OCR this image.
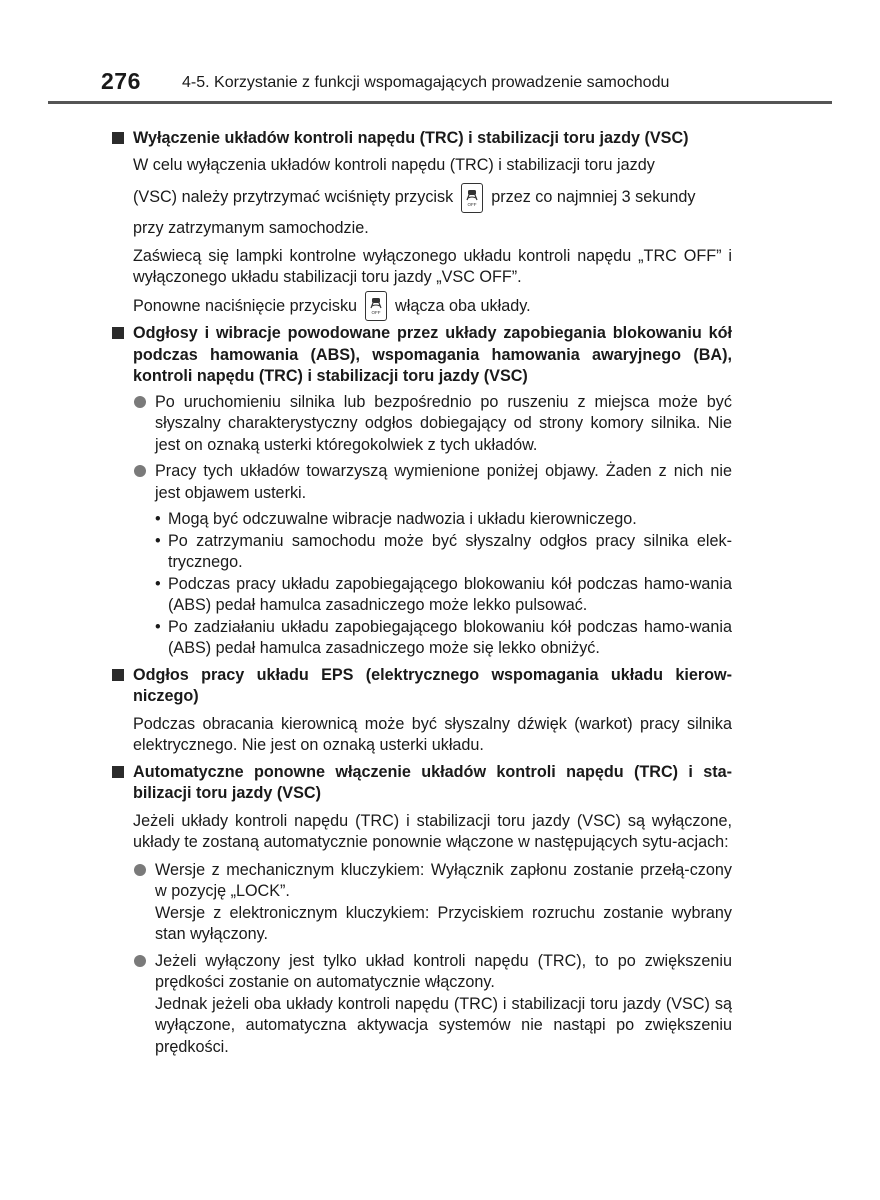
276	4-5. Korzystanie z funkcji wspomagających prowadzenie samochodu
Wyłączenie układów kontroli napędu (TRC) i stabilizacji toru jazdy (VSC)
W celu wyłączenia układów kontroli napędu (TRC) i stabilizacji toru jazdy
(VSC) należy przytrzymać wciśnięty przycisk	OFF przez co najmniej 3 sekundy
przy zatrzymanym samochodzie.
Zaświecą się lampki kontrolne wyłączonego układu kontroli napędu „TRC OFF” i wyłączonego układu stabilizacji toru jazdy „VSC OFF”.
Ponowne naciśnięcie przycisku	OFF włącza oba układy.
Odgłosy i wibracje powodowane przez układy zapobiegania blokowaniu kół podczas hamowania (ABS), wspomagania hamowania awaryjnego (BA), kontroli napędu (TRC) i stabilizacji toru jazdy (VSC)
Po uruchomieniu silnika lub bezpośrednio po ruszeniu z miejsca może być słyszalny charakterystyczny odgłos dobiegający od strony komory silnika. Nie jest on oznaką usterki któregokolwiek z tych układów.
Pracy tych układów towarzyszą wymienione poniżej objawy. Żaden z nich nie jest objawem usterki.
• Mogą być odczuwalne wibracje nadwozia i układu kierowniczego.
• Po zatrzymaniu samochodu może być słyszalny odgłos pracy silnika elek-trycznego.
• Podczas pracy układu zapobiegającego blokowaniu kół podczas hamo-wania (ABS) pedał hamulca zasadniczego może lekko pulsować.
• Po zadziałaniu układu zapobiegającego blokowaniu kół podczas hamo-wania (ABS) pedał hamulca zasadniczego może się lekko obniżyć.
Odgłos pracy układu EPS (elektrycznego wspomagania układu kierow-niczego)
Podczas obracania kierownicą może być słyszalny dźwięk (warkot) pracy silnika elektrycznego. Nie jest on oznaką usterki układu.
Automatyczne ponowne włączenie układów kontroli napędu (TRC) i sta-bilizacji toru jazdy (VSC)
Jeżeli układy kontroli napędu (TRC) i stabilizacji toru jazdy (VSC) są wyłączone, układy te zostaną automatycznie ponownie włączone w następujących sytu-acjach:
Wersje z mechanicznym kluczykiem: Wyłącznik zapłonu zostanie przełą-czony w pozycję „LOCK”.
Wersje z elektronicznym kluczykiem: Przyciskiem rozruchu zostanie wybrany stan wyłączony.
Jeżeli wyłączony jest tylko układ kontroli napędu (TRC), to po zwiększeniu prędkości zostanie on automatycznie włączony.
Jednak jeżeli oba układy kontroli napędu (TRC) i stabilizacji toru jazdy (VSC) są wyłączone, automatyczna aktywacja systemów nie nastąpi po zwiększeniu prędkości.
